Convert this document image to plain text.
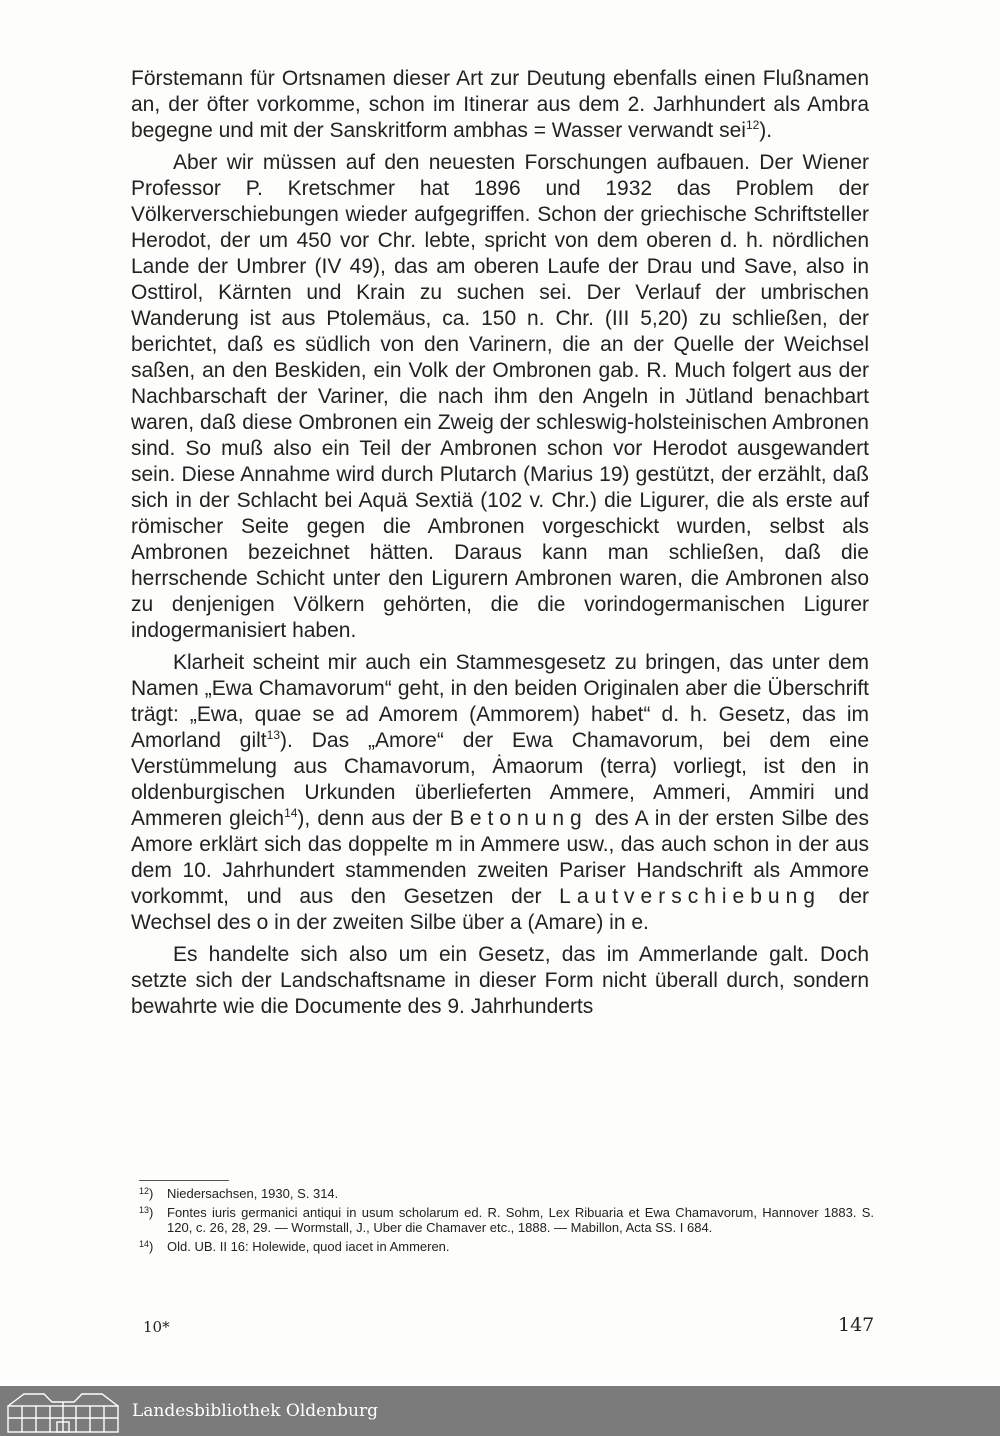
Förstemann für Ortsnamen dieser Art zur Deutung ebenfalls einen Flußnamen an, der öfter vorkomme, schon im Itinerar aus dem 2. Jarhhundert als Ambra begegne und mit der Sanskritform ambhas = Wasser verwandt sei$^{12}$).

Aber wir müssen auf den neuesten Forschungen aufbauen. Der Wiener Professor P. Kretschmer hat 1896 und 1932 das Problem der Völkerverschiebungen wieder aufgegriffen. Schon der griechische Schriftsteller Herodot, der um 450 vor Chr. lebte, spricht von dem oberen d. h. nördlichen Lande der Umbrer (IV 49), das am oberen Laufe der Drau und Save, also in Osttirol, Kärnten und Krain zu suchen sei. Der Verlauf der umbrischen Wanderung ist aus Ptolemäus, ca. 150 n. Chr. (III 5,20) zu schließen, der berichtet, daß es südlich von den Varinern, die an der Quelle der Weichsel saßen, an den Beskiden, ein Volk der Ombronen gab. R. Much folgert aus der Nachbarschaft der Variner, die nach ihm den Angeln in Jütland benachbart waren, daß diese Ombronen ein Zweig der schleswig-holsteinischen Ambronen sind. So muß also ein Teil der Ambronen schon vor Herodot ausgewandert sein. Diese Annahme wird durch Plutarch (Marius 19) gestützt, der erzählt, daß sich in der Schlacht bei Aquä Sextiä (102 v. Chr.) die Ligurer, die als erste auf römischer Seite gegen die Ambronen vorgeschickt wurden, selbst als Ambronen bezeichnet hätten. Daraus kann man schließen, daß die herrschende Schicht unter den Ligurern Ambronen waren, die Ambronen also zu denjenigen Völkern gehörten, die die vorindogermanischen Ligurer indogermanisiert haben.

Klarheit scheint mir auch ein Stammesgesetz zu bringen, das unter dem Namen „Ewa Chamavorum“ geht, in den beiden Originalen aber die Überschrift trägt: „Ewa, quae se ad Amorem (Ammorem) habet“ d. h. Gesetz, das im Amorland gilt$^{13}$). Das „Amore“ der Ewa Chamavorum, bei dem eine Verstümmelung aus Chamavorum, Ȧmaorum (terra) vorliegt, ist den in oldenburgischen Urkunden überlieferten Ammere, Ammeri, Ammiri und Ammeren gleich$^{14}$), denn aus der Betonung des A in der ersten Silbe des Amore erklärt sich das doppelte m in Ammere usw., das auch schon in der aus dem 10. Jahrhundert stammenden zweiten Pariser Handschrift als Ammore vorkommt, und aus den Gesetzen der Lautverschiebung der Wechsel des o in der zweiten Silbe über a (Amare) in e.

Es handelte sich also um ein Gesetz, das im Ammerlande galt. Doch setzte sich der Landschaftsname in dieser Form nicht überall durch, sondern bewahrte wie die Documente des 9. Jahrhunderts

$^{12}$)	Niedersachsen, 1930, S. 314.
$^{13}$)	Fontes iuris germanici antiqui in usum scholarum ed. R. Sohm, Lex Ribuaria et Ewa Chamavorum, Hannover 1883. S. 120, c. 26, 28, 29. — Wormstall, J., Uber die Chamaver etc., 1888. — Mabillon, Acta SS. I 684.
$^{14}$)	Old. UB. II 16: Holewide, quod iacet in Ammeren.
10*	147
Landesbibliothek Oldenburg
